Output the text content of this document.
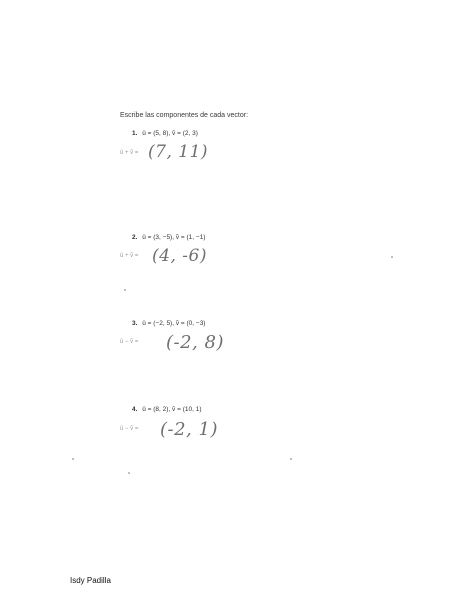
Escribe las componentes de cada vector:
1. û = (5, 8), v̂ = (2, 3)
û + v̂ = (7, 11)
2. û = (3, −5), v̂ = (1, −1)
û + v̂ = (4, -6)
3. û = (−2, 5), v̂ = (0, −3)
û − v̂ = (-2, 8)
4. û = (8, 2), v̂ = (10, 1)
û − v̂ = (-2, 1)
Isdy Padilla
